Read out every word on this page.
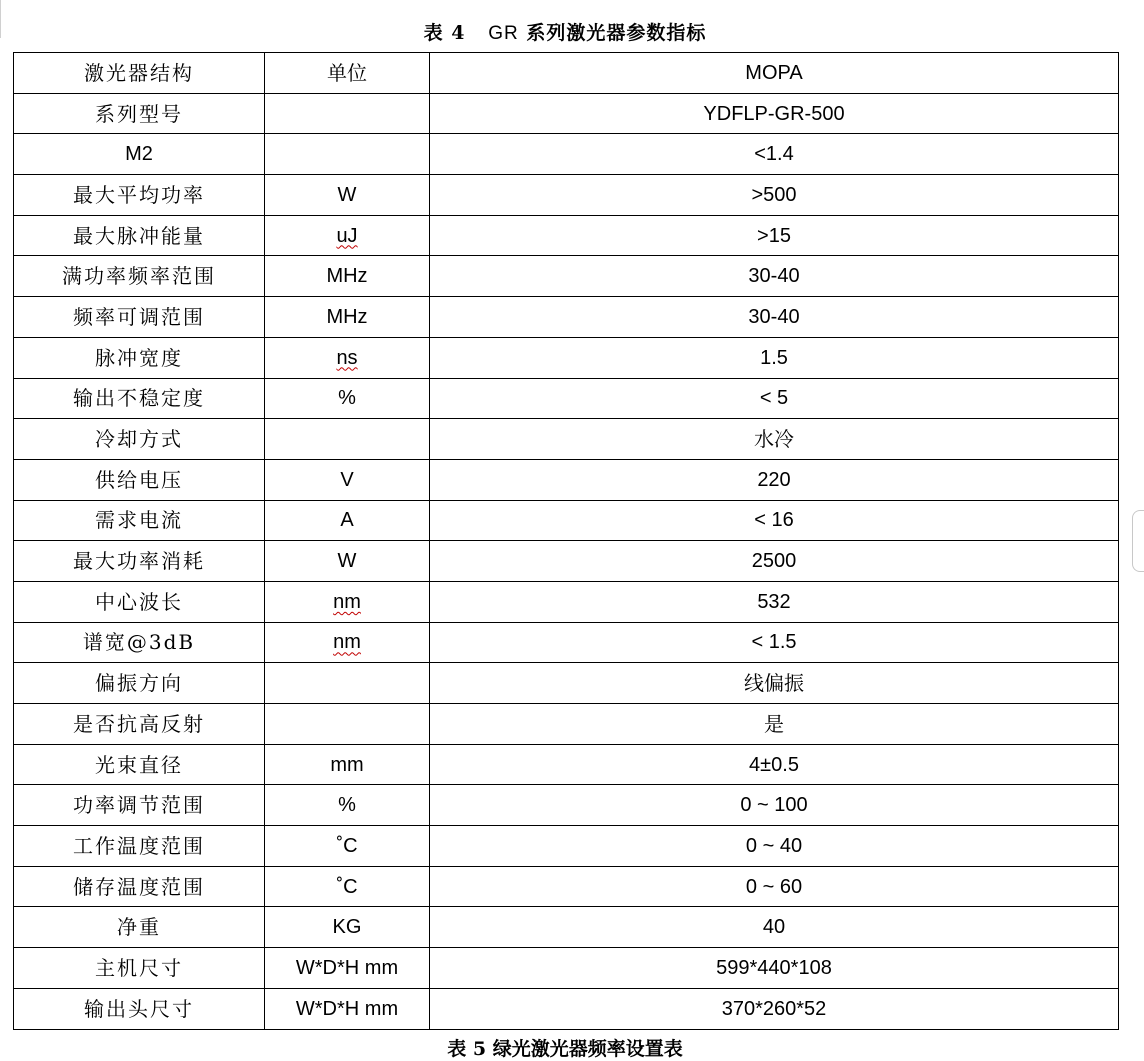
表 4 GR 系列激光器参数指标
激光器结构	单位	MOPA
系列型号		YDFLP-GR-500
M2		<1.4
最大平均功率	W	>500
最大脉冲能量	uJ	>15
满功率频率范围	MHz	30-40
频率可调范围	MHz	30-40
脉冲宽度	ns	1.5
输出不稳定度	%	< 5
冷却方式		水冷
供给电压	V	220
需求电流	A	< 16
最大功率消耗	W	2500
中心波长	nm	532
谱宽@3dB	nm	< 1.5
偏振方向		线偏振
是否抗高反射		是
光束直径	mm	4±0.5
功率调节范围	%	0 ~ 100
工作温度范围	˚C	0 ~ 40
储存温度范围	˚C	0 ~ 60
净重	KG	40
主机尺寸	W*D*H mm	599*440*108
输出头尺寸	W*D*H mm	370*260*52
表 5 绿光激光器频率设置表
